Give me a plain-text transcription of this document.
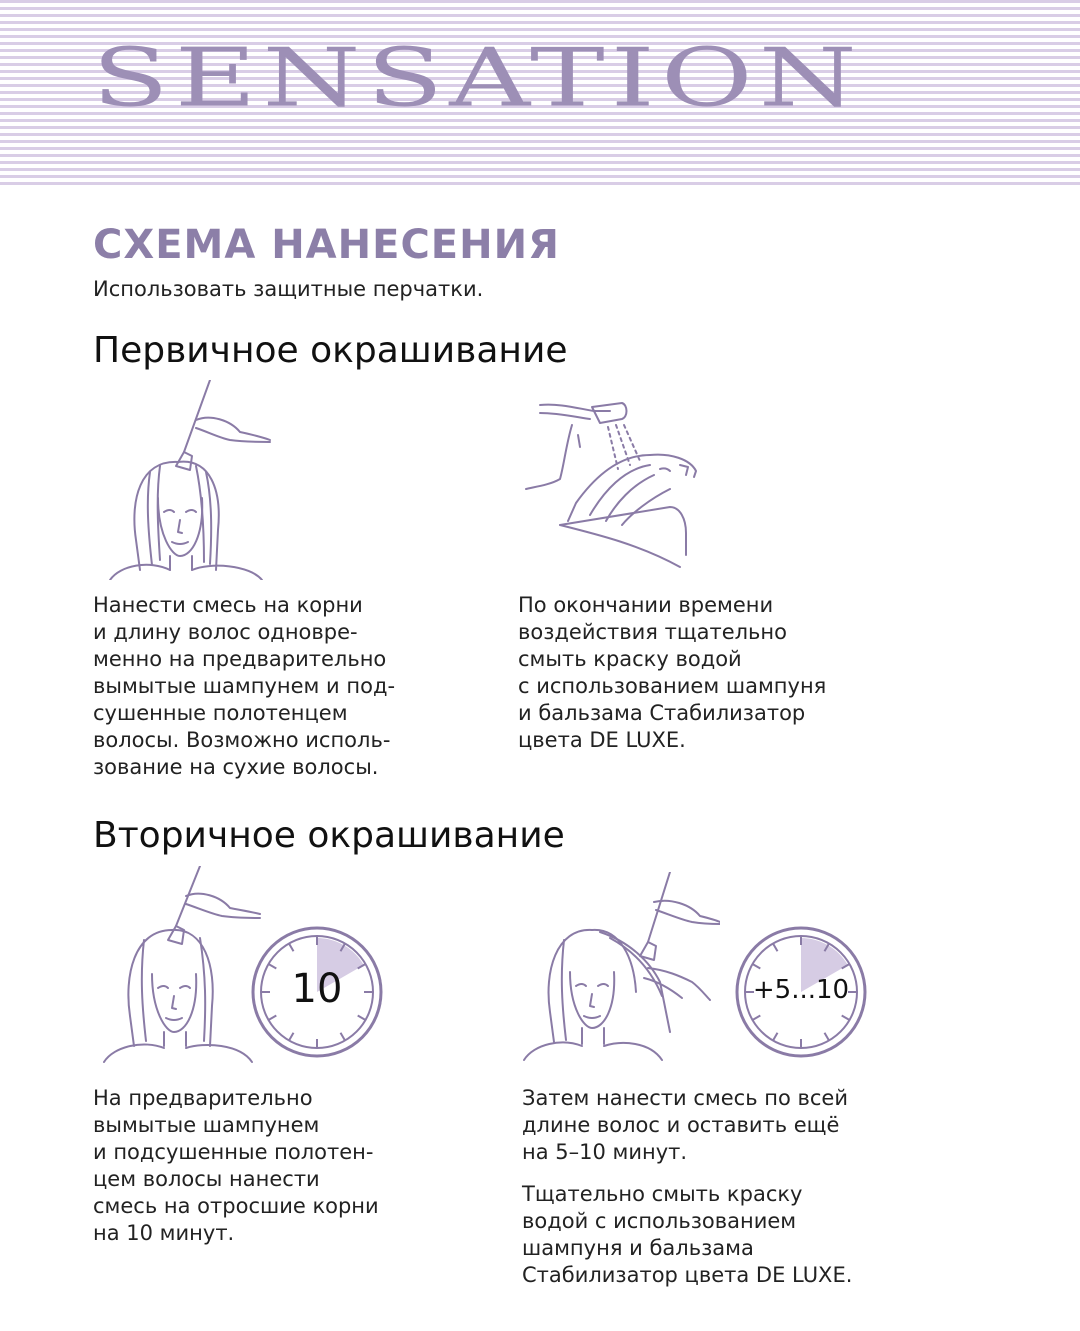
SENSATION
СХЕМА НАНЕСЕНИЯ
Использовать защитные перчатки.
Первичное окрашивание
Нанести смесь на корни
и длину волос одновре-
менно на предварительно
вымытые шампунем и под-
сушенные полотенцем
волосы. Возможно исполь-
зование на сухие волосы.
По окончании времени
воздействия тщательно
смыть краску водой
с использованием шампуня
и бальзама Стабилизатор
цвета DE LUXE.
Вторичное окрашивание
10	+5...10
На предварительно
вымытые шампунем
и подсушенные полотен-
цем волосы нанести
смесь на отросшие корни
на 10 минут.
Затем нанести смесь по всей
длине волос и оставить ещё
на 5–10 минут.
Тщательно смыть краску
водой с использованием
шампуня и бальзама
Стабилизатор цвета DE LUXE.
